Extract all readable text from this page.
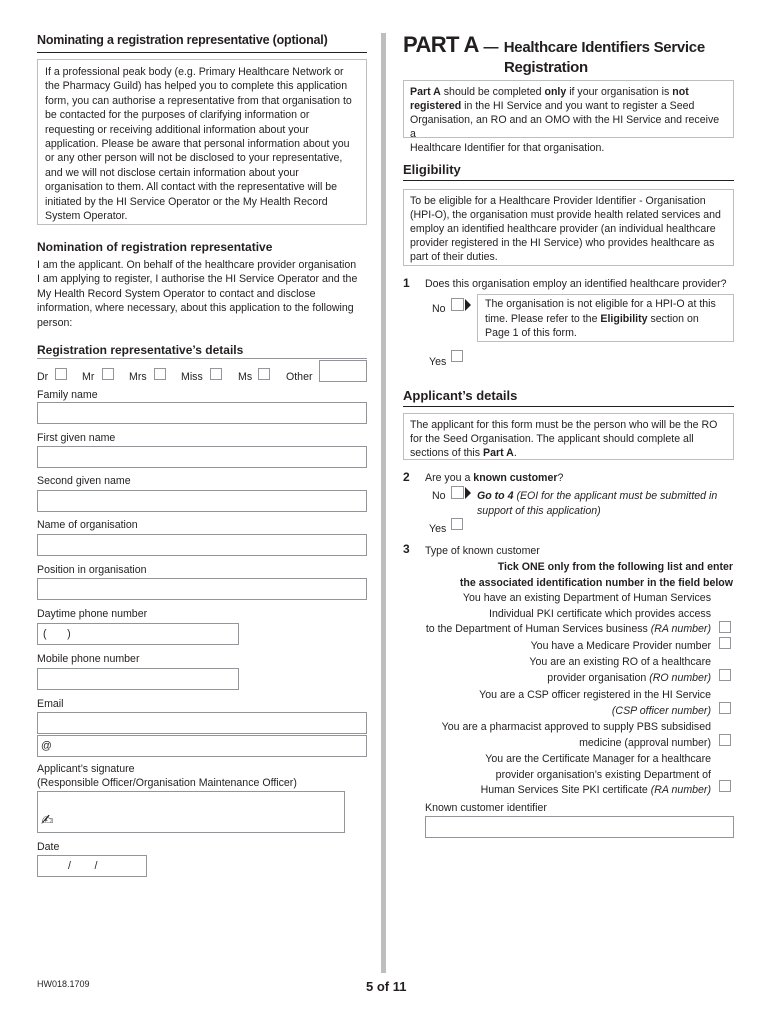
Nominating a registration representative (optional)
If a professional peak body (e.g. Primary Healthcare Network or
the Pharmacy Guild) has helped you to complete this application
form, you can authorise a representative from that organisation to
be contacted for the purposes of clarifying information or
requesting or receiving additional information about your
application. Please be aware that personal information about you
or any other person will not be disclosed to your representative,
and we will not disclose certain information about your
organisation to them. All contact with the representative will be
initiated by the HI Service Operator or the My Health Record
System Operator.
Nomination of registration representative
I am the applicant. On behalf of the healthcare provider organisation
I am applying to register, I authorise the HI Service Operator and the
My Health Record System Operator to contact and disclose
information, where necessary, about this application to the following
person:
Registration representative’s details
Dr	Mr	Mrs	Miss	Ms	Other
Family name
First given name
Second given name
Name of organisation
Position in organisation
Daytime phone number
(       )
Mobile phone number
Email
@
Applicant’s signature
(Responsible Officer/Organisation Maintenance Officer)
✍
Date
/        /
PART A — Healthcare Identifiers Service
Registration
Part A should be completed only if your organisation is not
registered in the HI Service and you want to register a Seed
Organisation, an RO and an OMO with the HI Service and receive a
Healthcare Identifier for that organisation.
Eligibility
To be eligible for a Healthcare Provider Identifier - Organisation
(HPI-O), the organisation must provide health related services and
employ an identified healthcare provider (an individual healthcare
provider registered in the HI Service) who provides healthcare as
part of their duties.
1 Does this organisation employ an identified healthcare provider?
No	The organisation is not eligible for a HPI-O at this
time. Please refer to the Eligibility section on
Page 1 of this form.
Yes
Applicant’s details
The applicant for this form must be the person who will be the RO
for the Seed Organisation. The applicant should complete all
sections of this Part A.
2 Are you a known customer?
No	Go to 4 (EOI for the applicant must be submitted in
support of this application)
Yes
3 Type of known customer
Tick ONE only from the following list and enter
the associated identification number in the field below
You have an existing Department of Human Services
Individual PKI certificate which provides access
to the Department of Human Services business (RA number)
You have a Medicare Provider number
You are an existing RO of a healthcare
provider organisation (RO number)
You are a CSP officer registered in the HI Service
(CSP officer number)
You are a pharmacist approved to supply PBS subsidised
medicine (approval number)
You are the Certificate Manager for a healthcare
provider organisation’s existing Department of
Human Services Site PKI certificate (RA number)
Known customer identifier
HW018.1709	5 of 11
